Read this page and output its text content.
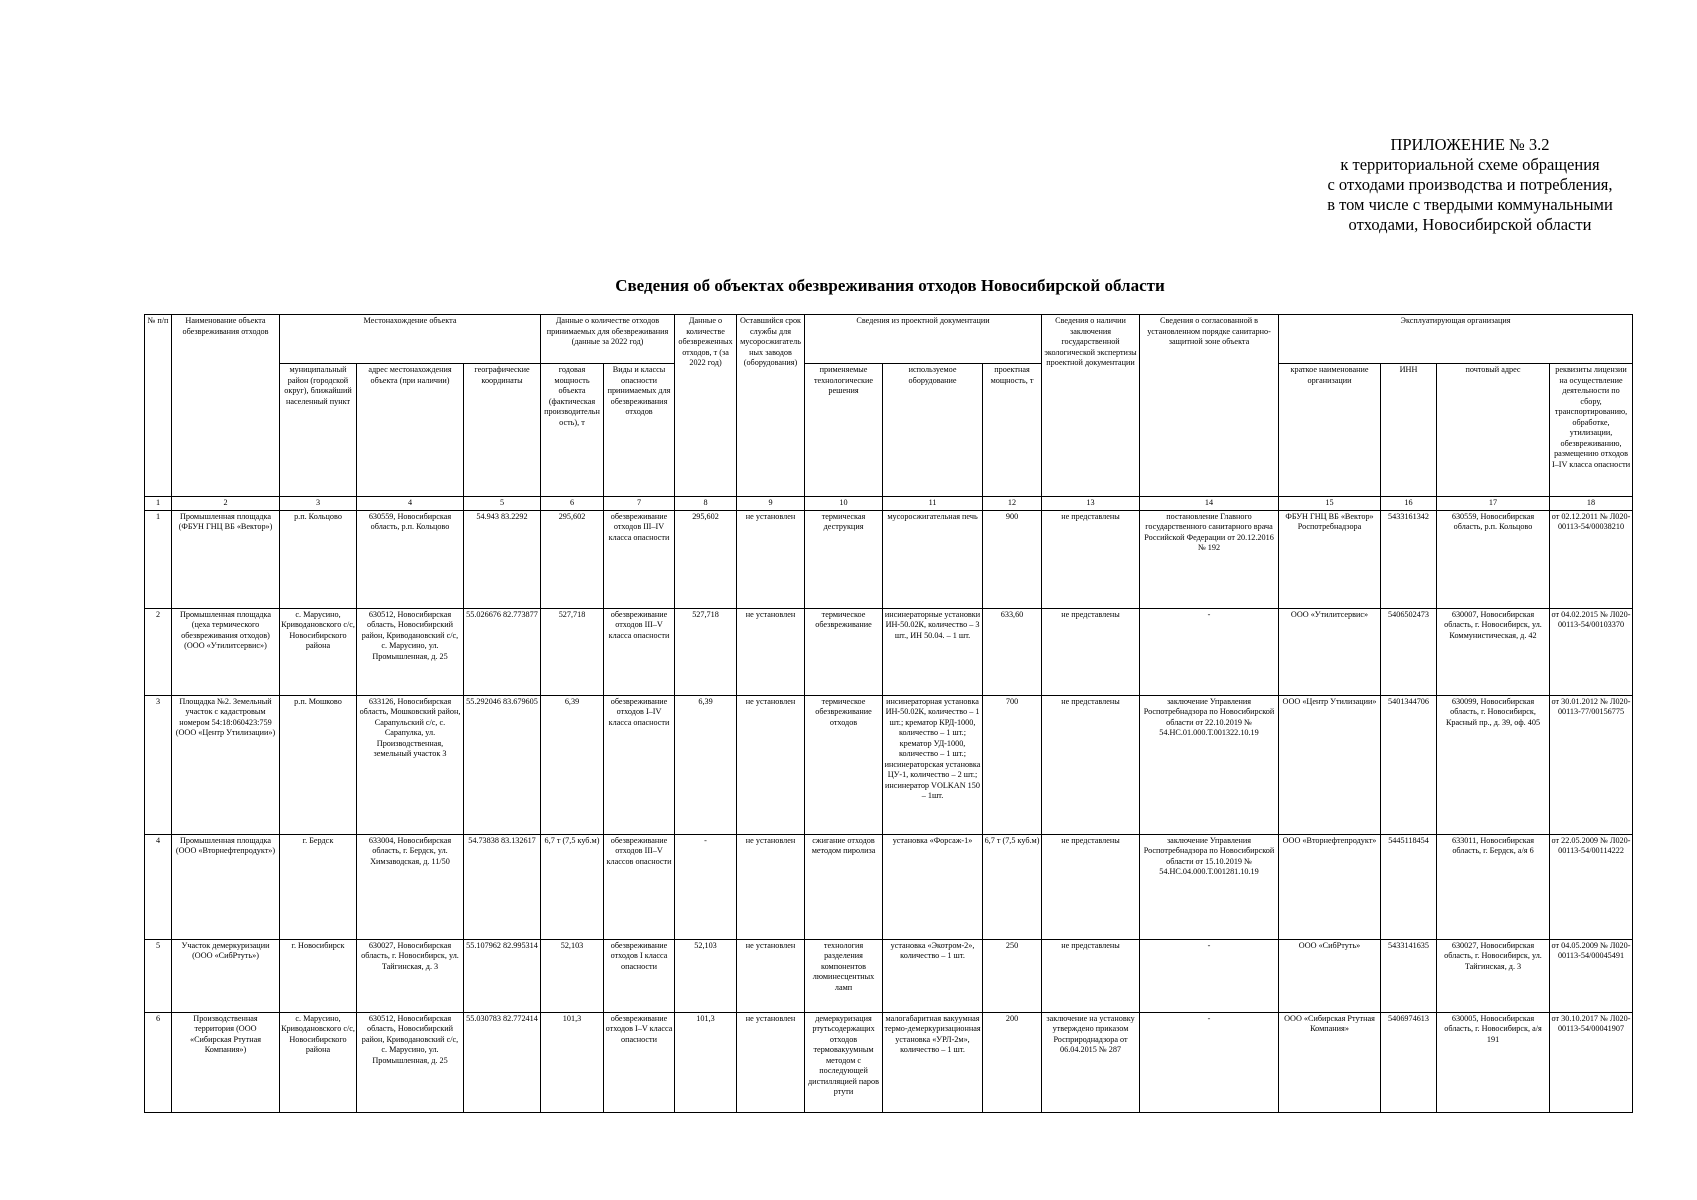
ПРИЛОЖЕНИЕ № 3.2
к территориальной схеме обращения
с отходами производства и потребления,
в том числе с твердыми коммунальными
отходами, Новосибирской области
Сведения об объектах обезвреживания отходов Новосибирской области
№ п/п	Наименование объекта обезвреживания отходов	Местонахождение объекта			Данные о количестве отходов принимаемых для обезвреживания (данные за 2022 год)		Данные о количестве обезвреженных отходов, т (за 2022 год)	Оставшийся срок службы для мусоросжигательных заводов (оборудования)	Сведения из проектной документации			Сведения о наличии заключения государственной экологической экспертизы проектной документации	Сведения о согласованной в установленном порядке санитарно-защитной зоне объекта	Эксплуатирующая организация			
		муниципальный район (городской округ), ближайший населенный пункт	адрес местонахождения объекта (при наличии)	географические координаты	годовая мощность объекта (фактическая производительность), т	Виды и классы опасности принимаемых для обезвреживания отходов			применяемые технологические решения	используемое оборудование	проектная мощность, т			краткое наименование организации	ИНН	почтовый адрес	реквизиты лицензии на осуществление деятельности по сбору, транспортированию, обработке, утилизации, обезвреживанию, размещению отходов I–IV класса опасности
1	2	3	4	5	6	7	8	9	10	11	12	13	14	15	16	17	18
1	Промышленная площадка (ФБУН ГНЦ ВБ «Вектор»)	р.п. Кольцово	630559, Новосибирская область, р.п. Кольцово	54.943 83.2292	295,602	обезвреживание отходов III–IV класса опасности	295,602	не установлен	термическая деструкция	мусоросжигательная печь	900	не представлены	постановление Главного государственного санитарного врача Российской Федерации от 20.12.2016 № 192	ФБУН ГНЦ ВБ «Вектор» Роспотребнадзора	5433161342	630559, Новосибирская область, р.п. Кольцово	от 02.12.2011 № Л020-00113-54/00038210
2	Промышленная площадка (цеха термического обезвреживания отходов) (ООО «Утилитсервис»)	с. Марусино, Криводановского с/с, Новосибирского района	630512, Новосибирская область, Новосибирский район, Криводановский с/с, с. Марусино, ул. Промышленная, д. 25	55.026676 82.773877	527,718	обезвреживание отходов III–V класса опасности	527,718	не установлен	термическое обезвреживание	инсинераторные установки ИН-50.02К, количество – 3 шт., ИН 50.04. – 1 шт.	633,60	не представлены	-	ООО «Утилитсервис»	5406502473	630007, Новосибирская область, г. Новосибирск, ул. Коммунистическая, д. 42	от 04.02.2015 № Л020-00113-54/00103370
3	Площадка №2. Земельный участок с кадастровым номером 54:18:060423:759 (ООО «Центр Утилизации»)	р.п. Мошково	633126, Новосибирская область, Мошковский район, Сарапульский с/с, с. Сарапулка, ул. Производственная, земельный участок 3	55.292046 83.679605	6,39	обезвреживание отходов I–IV класса опасности	6,39	не установлен	термическое обезвреживание отходов	инсинераторная установка ИН-50.02К, количество – 1 шт.; крематор КРД-1000, количество – 1 шт.; крематор УД-1000, количество – 1 шт.; инсинераторская установка ЦУ-1, количество – 2 шт.; инсинератор VOLKAN 150 – 1шт.	700	не представлены	заключение Управления Роспотребнадзора по Новосибирской области от 22.10.2019 № 54.НС.01.000.Т.001322.10.19	ООО «Центр Утилизации»	5401344706	630099, Новосибирская область, г. Новосибирск, Красный пр., д. 39, оф. 405	от 30.01.2012 № Л020-00113-77/00156775
4	Промышленная площадка (ООО «Вторнефтепродукт»)	г. Бердск	633004, Новосибирская область, г. Бердск, ул. Химзаводская, д. 11/50	54.73838 83.132617	6,7 т (7,5 куб.м)	обезвреживание отходов III–V классов опасности	-	не установлен	сжигание отходов методом пиролиза	установка «Форсаж-1»	6,7 т (7,5 куб.м)	не представлены	заключение Управления Роспотребнадзора по Новосибирской области от 15.10.2019 № 54.НС.04.000.Т.001281.10.19	ООО «Вторнефтепродукт»	5445118454	633011, Новосибирская область, г. Бердск, а/я 6	от 22.05.2009 № Л020-00113-54/00114222
5	Участок демеркуризации (ООО «СибРтуть»)	г. Новосибирск	630027, Новосибирская область, г. Новосибирск, ул. Тайгинская, д. 3	55.107962 82.995314	52,103	обезвреживание отходов I класса опасности	52,103	не установлен	технология разделения компонентов люминесцентных ламп	установка «Экотром-2», количество – 1 шт.	250	не представлены	-	ООО «СибРтуть»	5433141635	630027, Новосибирская область, г. Новосибирск, ул. Тайгинская, д. 3	от 04.05.2009 № Л020-00113-54/00045491
6	Производственная территория (ООО «Сибирская Ртутная Компания»)	с. Марусино, Криводановского с/с, Новосибирского района	630512, Новосибирская область, Новосибирский район, Криводановский с/с, с. Марусино, ул. Промышленная, д. 25	55.030783 82.772414	101,3	обезвреживание отходов I–V класса опасности	101,3	не установлен	демеркуризация ртутьсодержащих отходов термовакуумным методом с последующей дистилляцией паров ртути	малогабаритная вакуумная термо-демеркуризационная установка «УРЛ-2м», количество – 1 шт.	200	заключение на установку утверждено приказом Росприроднадзора от 06.04.2015 № 287	-	ООО «Сибирская Ртутная Компания»	5406974613	630005, Новосибирская область, г. Новосибирск, а/я 191	от 30.10.2017 № Л020-00113-54/00041907
